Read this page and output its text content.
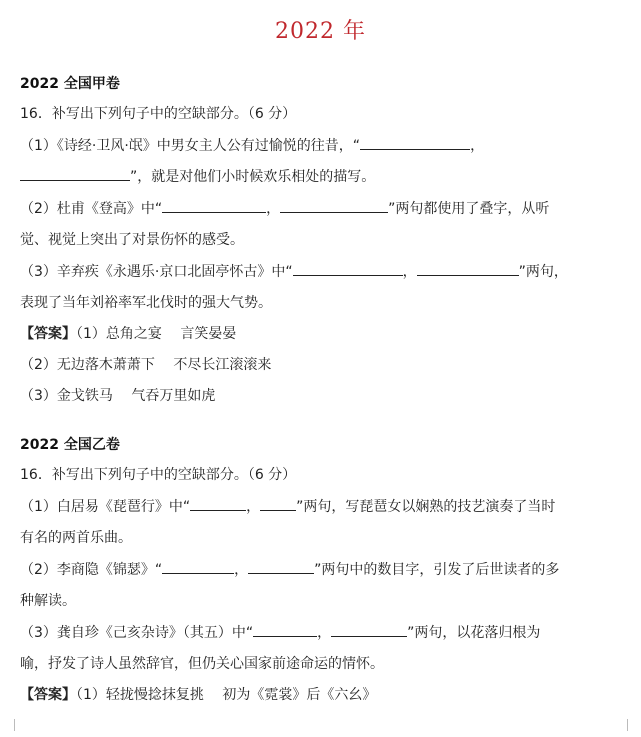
2022 年
2022 全国甲卷
16．补写出下列句子中的空缺部分。（6 分）
（1）《诗经·卫风·氓》中男女主人公有过愉悦的往昔，“	，
”，就是对他们小时候欢乐相处的描写。
（2）杜甫《登高》中“	，	”两句都使用了叠字，从听
觉、视觉上突出了对景伤怀的感受。
（3）辛弃疾《永遇乐·京口北固亭怀古》中“	，	”两句，
表现了当年刘裕率军北伐时的强大气势。
【答案】（1）总角之宴　 言笑晏晏
（2）无边落木萧萧下　 不尽长江滚滚来
（3）金戈铁马　 气吞万里如虎
2022 全国乙卷
16．补写出下列句子中的空缺部分。（6 分）
（1）白居易《琵琶行》中“	，	”两句，写琵琶女以娴熟的技艺演奏了当时
有名的两首乐曲。
（2）李商隐《锦瑟》“	，	”两句中的数目字，引发了后世读者的多
种解读。
（3）龚自珍《己亥杂诗》（其五）中“	，	”两句，以花落归根为
喻，抒发了诗人虽然辞官，但仍关心国家前途命运的情怀。
【答案】（1）轻拢慢捻抹复挑　 初为《霓裳》后《六幺》
